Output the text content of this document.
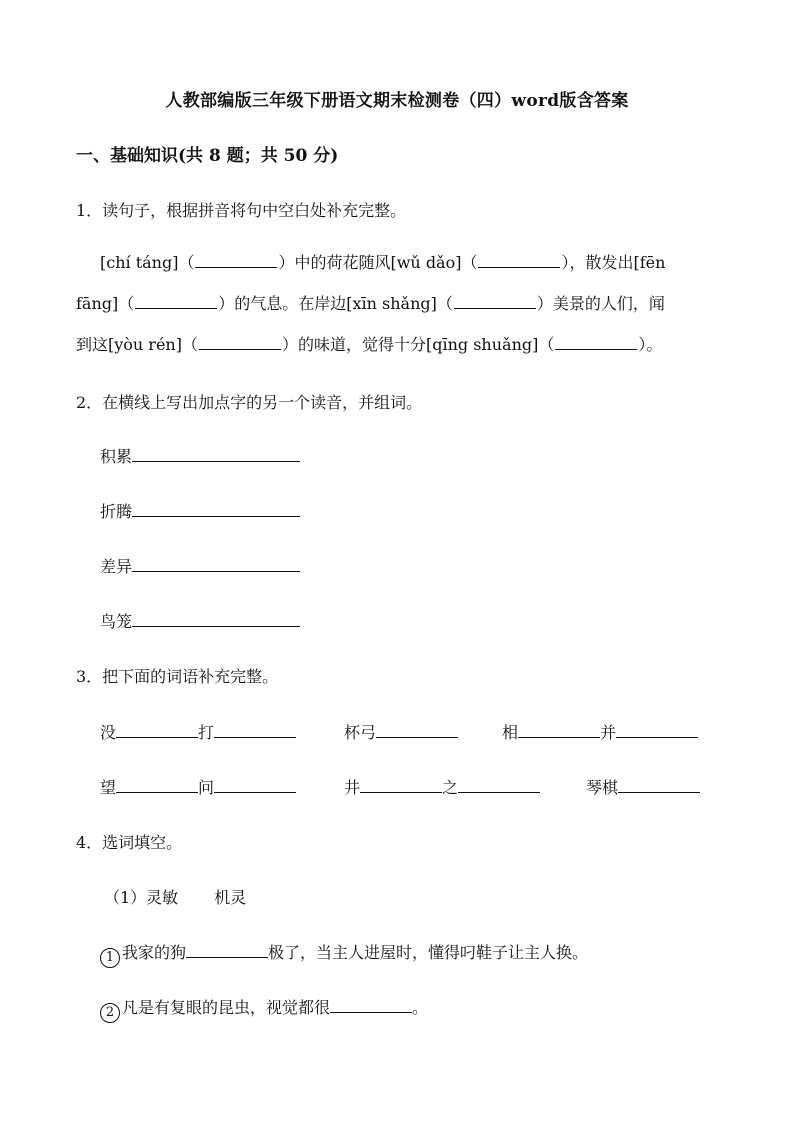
人教部编版三年级下册语文期末检测卷（四）word版含答案
一、基础知识(共 8 题；共 50 分)
1．读句子，根据拼音将句中空白处补充完整。
[chí táng]（	）中的荷花随风[wǔ dǎo]（	），散发出[fēn
fāng]（	）的气息。在岸边[xīn shǎng]（	）美景的人们，闻
到这[yòu rén]（	）的味道，觉得十分[qīng shuǎng]（	）。
2．在横线上写出加点字的另一个读音，并组词。
积累
折腾
差异
鸟笼
3．把下面的词语补充完整。
没	打	杯弓	相	并
望	问	井	之	琴棋
4．选词填空。
（1）灵敏 机灵
1 我家的狗	极了，当主人进屋时，懂得叼鞋子让主人换。
2 凡是有复眼的昆虫，视觉都很	。
